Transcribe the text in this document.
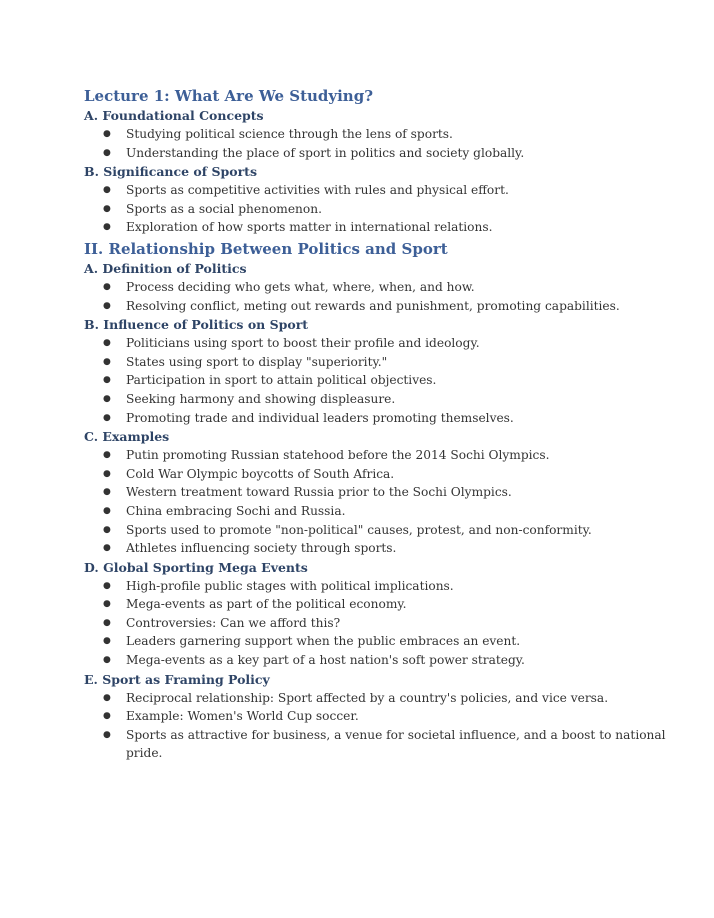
Lecture 1: What Are We Studying?
A. Foundational Concepts
● Studying political science through the lens of sports.
● Understanding the place of sport in politics and society globally.
B. Significance of Sports
● Sports as competitive activities with rules and physical effort.
● Sports as a social phenomenon.
● Exploration of how sports matter in international relations.
II. Relationship Between Politics and Sport
A. Definition of Politics
● Process deciding who gets what, where, when, and how.
● Resolving conflict, meting out rewards and punishment, promoting capabilities.
B. Influence of Politics on Sport
● Politicians using sport to boost their profile and ideology.
● States using sport to display "superiority."
● Participation in sport to attain political objectives.
● Seeking harmony and showing displeasure.
● Promoting trade and individual leaders promoting themselves.
C. Examples
● Putin promoting Russian statehood before the 2014 Sochi Olympics.
● Cold War Olympic boycotts of South Africa.
● Western treatment toward Russia prior to the Sochi Olympics.
● China embracing Sochi and Russia.
● Sports used to promote "non-political" causes, protest, and non-conformity.
● Athletes influencing society through sports.
D. Global Sporting Mega Events
● High-profile public stages with political implications.
● Mega-events as part of the political economy.
● Controversies: Can we afford this?
● Leaders garnering support when the public embraces an event.
● Mega-events as a key part of a host nation's soft power strategy.
E. Sport as Framing Policy
● Reciprocal relationship: Sport affected by a country's policies, and vice versa.
● Example: Women's World Cup soccer.
● Sports as attractive for business, a venue for societal influence, and a boost to national pride.
